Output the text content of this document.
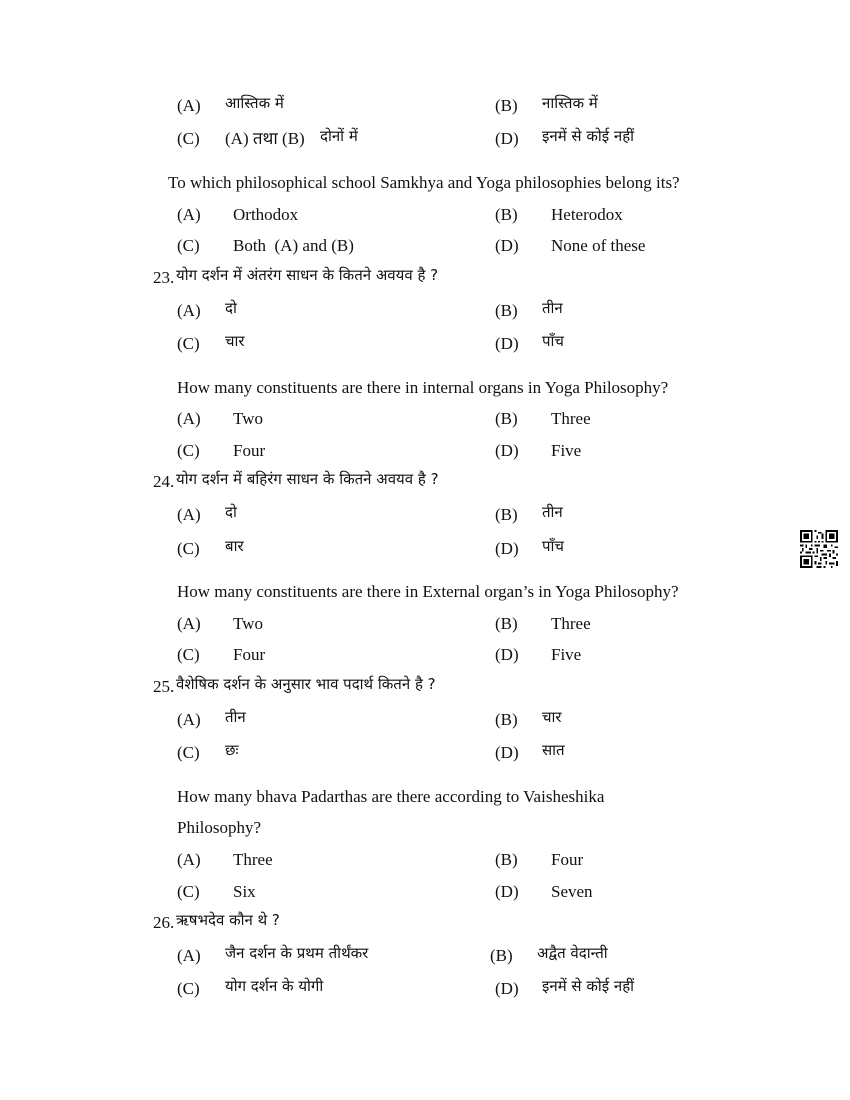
(A) आस्तिक में	(B) नास्तिक में
(C) (A) तथा (B) दोनों में	(D) इनमें से कोई नहीं
To which philosophical school Samkhya and Yoga philosophies belong its?
(A) Orthodox	(B) Heterodox
(C) Both  (A) and (B)	(D) None of these
23. योग दर्शन में अंतरंग साधन के कितने अवयव है ?
(A) दो	(B) तीन
(C) चार	(D) पाँच
How many constituents are there in internal organs in Yoga Philosophy?
(A) Two	(B) Three
(C) Four	(D) Five
24. योग दर्शन में बहिरंग साधन के कितने अवयव है ?
(A) दो	(B) तीन
(C) बार	(D) पाँच
How many constituents are there in External organ’s in Yoga Philosophy?
(A) Two	(B) Three
(C) Four	(D) Five
25. वैशेषिक दर्शन के अनुसार भाव पदार्थ कितने है ?
(A) तीन	(B) चार
(C) छः	(D) सात
How many bhava Padarthas are there according to Vaisheshika
Philosophy?
(A) Three	(B) Four
(C) Six	(D) Seven
26. ऋषभदेव कौन थे ?
(A) जैन दर्शन के प्रथम तीर्थंकर	(B) अद्वैत वेदान्ती
(C) योग दर्शन के योगी	(D) इनमें से कोई नहीं
